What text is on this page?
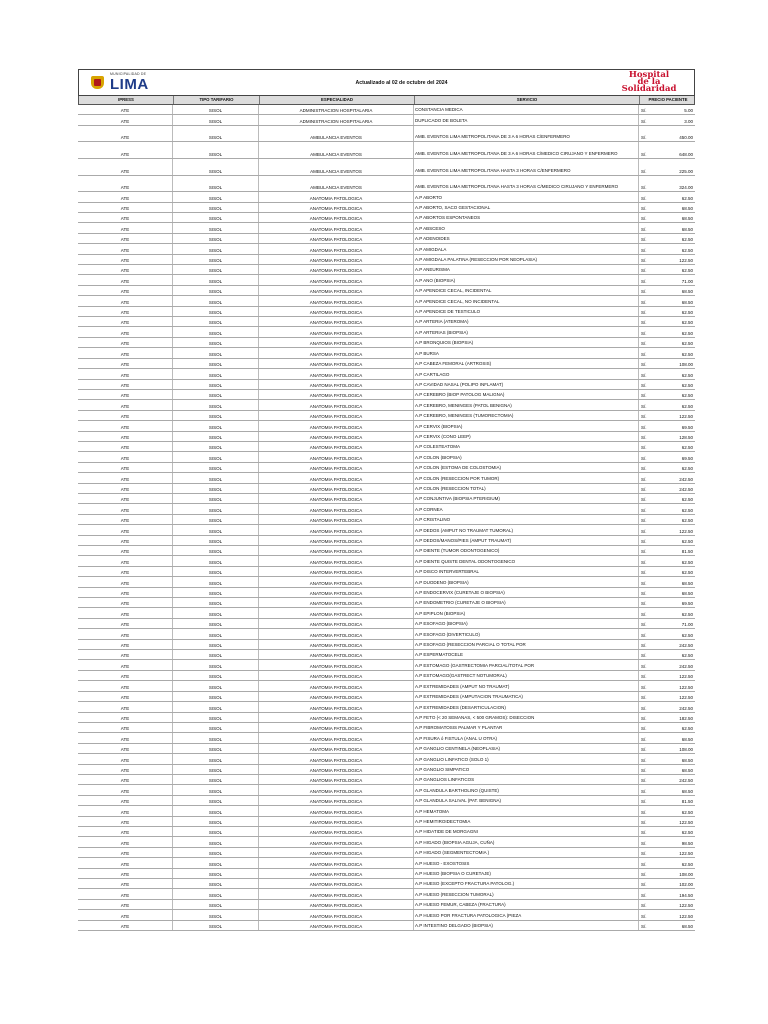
MUNICIPALIDAD DE
LIMA	Actualizado al 02 de octubre del 2024
Hospital
de la
Solidaridad
IPRESS	TIPO TARIFARIO	ESPECIALIDAD	SERVICIO	PRECIO PACIENTE
ATE	SISOL	ADMINISTRACION HOSPITALARIA	CONSTANCIA MEDICA	S/.	5.00
ATE	SISOL	ADMINISTRACION HOSPITALARIA	DUPLICADO DE BOLETA	S/.	3.00
ATE	SISOL	AMBULANCIA EVENTOS	AMB. EVENTOS LIMA METROPOLITANA DE 3 A 6 HORAS C/ENFERMERO	S/.	450.00
ATE	SISOL	AMBULANCIA EVENTOS	AMB. EVENTOS LIMA METROPOLITANA DE 3 A 6 HORAS C/MEDICO CIRUJANO Y ENFERMERO	S/.	648.00
ATE	SISOL	AMBULANCIA EVENTOS	AMB. EVENTOS LIMA METROPOLITANA HASTA 3 HORAS C/ENFERMERO	S/.	225.00
ATE	SISOL	AMBULANCIA EVENTOS	AMB. EVENTOS LIMA METROPOLITANA HASTA 3 HORAS C/MEDICO CIRUJANO Y ENFERMERO	S/.	324.00
ATE	SISOL	ANATOMIA PATOLOGICA	A.P ABORTO	S/.	62.50
ATE	SISOL	ANATOMIA PATOLOGICA	A.P ABORTO, SACO GESTACIONAL	S/.	68.50
ATE	SISOL	ANATOMIA PATOLOGICA	A.P ABORTOS ESPONTANEOS	S/.	68.50
ATE	SISOL	ANATOMIA PATOLOGICA	A.P ABSCESO	S/.	68.50
ATE	SISOL	ANATOMIA PATOLOGICA	A.P ADENOIDES	S/.	62.50
ATE	SISOL	ANATOMIA PATOLOGICA	A.P AMIGDALA	S/.	62.50
ATE	SISOL	ANATOMIA PATOLOGICA	A.P AMIGDALA PALATINA (RESECCION POR NEOPLASIA)	S/.	122.50
ATE	SISOL	ANATOMIA PATOLOGICA	A.P ANEURISMA	S/.	62.50
ATE	SISOL	ANATOMIA PATOLOGICA	A.P ANO (BIOPSIA)	S/.	71.00
ATE	SISOL	ANATOMIA PATOLOGICA	A.P APENDICE CECAL, INCIDENTAL	S/.	68.50
ATE	SISOL	ANATOMIA PATOLOGICA	A.P APENDICE CECAL, NO INCIDENTAL	S/.	68.50
ATE	SISOL	ANATOMIA PATOLOGICA	A.P APENDICE DE TESTICULO	S/.	62.50
ATE	SISOL	ANATOMIA PATOLOGICA	A.P ARTERIA (ATEROMA)	S/.	62.50
ATE	SISOL	ANATOMIA PATOLOGICA	A.P ARTERIAS (BIOPSIA)	S/.	62.50
ATE	SISOL	ANATOMIA PATOLOGICA	A.P BRONQUIOS (BIOPSIA)	S/.	62.50
ATE	SISOL	ANATOMIA PATOLOGICA	A.P BURSA	S/.	62.50
ATE	SISOL	ANATOMIA PATOLOGICA	A.P CABEZA FEMORAL (ARTROSIS)	S/.	108.00
ATE	SISOL	ANATOMIA PATOLOGICA	A.P CARTILAGO	S/.	62.50
ATE	SISOL	ANATOMIA PATOLOGICA	A.P CAVIDAD NASAL (POLIPO INFLAMAT)	S/.	62.50
ATE	SISOL	ANATOMIA PATOLOGICA	A.P CEREBRO (BIOP PATOLOG MALIGNA)	S/.	62.50
ATE	SISOL	ANATOMIA PATOLOGICA	A.P CEREBRO, MENINGES (PATOL BENIGNA)	S/.	62.50
ATE	SISOL	ANATOMIA PATOLOGICA	A.P CEREBRO, MENINGES (TUMORECTOMIA)	S/.	122.50
ATE	SISOL	ANATOMIA PATOLOGICA	A.P CERVIX (BIOPSIA)	S/.	69.50
ATE	SISOL	ANATOMIA PATOLOGICA	A.P CERVIX (CONO LEEP)	S/.	128.50
ATE	SISOL	ANATOMIA PATOLOGICA	A.P COLESTEATOMA	S/.	62.50
ATE	SISOL	ANATOMIA PATOLOGICA	A.P COLON (BIOPSIA)	S/.	69.50
ATE	SISOL	ANATOMIA PATOLOGICA	A.P COLON (ESTOMA DE COLOSTOMIA)	S/.	62.50
ATE	SISOL	ANATOMIA PATOLOGICA	A.P COLON (RESECCION POR TUMOR)	S/.	242.50
ATE	SISOL	ANATOMIA PATOLOGICA	A.P COLON (RESECCION TOTAL)	S/.	242.50
ATE	SISOL	ANATOMIA PATOLOGICA	A.P CONJUNTIVA (BIOPSIA PTERIGIUM)	S/.	62.50
ATE	SISOL	ANATOMIA PATOLOGICA	A.P CORNEA	S/.	62.50
ATE	SISOL	ANATOMIA PATOLOGICA	A.P CRISTALINO	S/.	62.50
ATE	SISOL	ANATOMIA PATOLOGICA	A.P DEDOS (AMPUT NO TRAUMAT TUMORAL)	S/.	122.50
ATE	SISOL	ANATOMIA PATOLOGICA	A.P DEDOS/MANOS/PIES (AMPUT TRAUMAT)	S/.	62.50
ATE	SISOL	ANATOMIA PATOLOGICA	A.P DIENTE (TUMOR ODONTOGENICO)	S/.	81.50
ATE	SISOL	ANATOMIA PATOLOGICA	A.P DIENTE QUISTE DENTAL ODONTOGENICO	S/.	62.50
ATE	SISOL	ANATOMIA PATOLOGICA	A.P DISCO INTERVERTEBRAL	S/.	62.50
ATE	SISOL	ANATOMIA PATOLOGICA	A.P DUODENO (BIOPSIA)	S/.	68.50
ATE	SISOL	ANATOMIA PATOLOGICA	A.P ENDOCERVIX (CURETAJE O BIOPSIA)	S/.	68.50
ATE	SISOL	ANATOMIA PATOLOGICA	A.P ENDOMETRIO (CURETAJE O BIOPSIA)	S/.	69.50
ATE	SISOL	ANATOMIA PATOLOGICA	A.P EPIPLON (BIOPSIA)	S/.	62.50
ATE	SISOL	ANATOMIA PATOLOGICA	A.P ESOFAGO (BIOPSIA)	S/.	71.00
ATE	SISOL	ANATOMIA PATOLOGICA	A.P ESOFAGO (DIVERTICULO)	S/.	62.50
ATE	SISOL	ANATOMIA PATOLOGICA	A.P ESOFAGO (RESECCION PARCIAL O TOTAL POR	S/.	242.50
ATE	SISOL	ANATOMIA PATOLOGICA	A.P ESPERMATOCELE	S/.	62.50
ATE	SISOL	ANATOMIA PATOLOGICA	A.P ESTOMAGO (GASTRECTOMIA PARCIAL/TOTAL POR	S/.	242.50
ATE	SISOL	ANATOMIA PATOLOGICA	A.P ESTOMAGO(GASTRECT NOTUMORAL)	S/.	122.50
ATE	SISOL	ANATOMIA PATOLOGICA	A.P EXTREMIDADES (AMPUT NO TRAUMAT)	S/.	122.50
ATE	SISOL	ANATOMIA PATOLOGICA	A.P EXTREMIDADES (AMPUTACION TRAUMATICA)	S/.	122.50
ATE	SISOL	ANATOMIA PATOLOGICA	A.P EXTREMIDADES (DESARTICULACION)	S/.	242.50
ATE	SISOL	ANATOMIA PATOLOGICA	A.P FETO (< 20 SEMANAS, < 500 GRAMOS): DISECCION	S/.	182.50
ATE	SISOL	ANATOMIA PATOLOGICA	A.P FIBROMATOSIS PALMAR Y PLANTAR	S/.	62.50
ATE	SISOL	ANATOMIA PATOLOGICA	A.P FISURA ó FISTULA (ANAL U OTRA)	S/.	68.50
ATE	SISOL	ANATOMIA PATOLOGICA	A.P GANGLIO CENTINELA (NEOPLASIA)	S/.	108.00
ATE	SISOL	ANATOMIA PATOLOGICA	A.P GANGLIO LINFATICO (SOLO 1)	S/.	68.50
ATE	SISOL	ANATOMIA PATOLOGICA	A.P GANGLIO SIMPATICO	S/.	68.50
ATE	SISOL	ANATOMIA PATOLOGICA	A.P GANGLIOS LINFATICOS	S/.	242.50
ATE	SISOL	ANATOMIA PATOLOGICA	A.P GLANDULA BARTHOLINO (QUISTE)	S/.	68.50
ATE	SISOL	ANATOMIA PATOLOGICA	A.P GLANDULA SALIVAL (PAT. BENIGNA)	S/.	81.50
ATE	SISOL	ANATOMIA PATOLOGICA	A.P HEMATOMA	S/.	62.50
ATE	SISOL	ANATOMIA PATOLOGICA	A.P HEMITIROIDECTOMIA	S/.	122.50
ATE	SISOL	ANATOMIA PATOLOGICA	A.P HIDATIDE DE MORGAGNI	S/.	62.50
ATE	SISOL	ANATOMIA PATOLOGICA	A.P HIGADO (BIOPSIA AGUJA, CUÑA)	S/.	98.50
ATE	SISOL	ANATOMIA PATOLOGICA	A.P HIGADO (SEGMENTECTOMIA )	S/.	122.50
ATE	SISOL	ANATOMIA PATOLOGICA	A.P HUESO - EXOSTOSIS	S/.	62.50
ATE	SISOL	ANATOMIA PATOLOGICA	A.P HUESO (BIOPSIA O CURETAJE)	S/.	108.00
ATE	SISOL	ANATOMIA PATOLOGICA	A.P HUESO (EXCEPTO FRACTURA PATOLOG.)	S/.	102.00
ATE	SISOL	ANATOMIA PATOLOGICA	A.P HUESO (RESECCION TUMORAL)	S/.	194.50
ATE	SISOL	ANATOMIA PATOLOGICA	A.P HUESO FEMUR, CABEZA (FRACTURA)	S/.	122.50
ATE	SISOL	ANATOMIA PATOLOGICA	A.P HUESO POR FRACTURA PATOLOGICA (PIEZA	S/.	122.50
ATE	SISOL	ANATOMIA PATOLOGICA	A.P INTESTINO DELGADO (BIOPSIA)	S/.	68.50
